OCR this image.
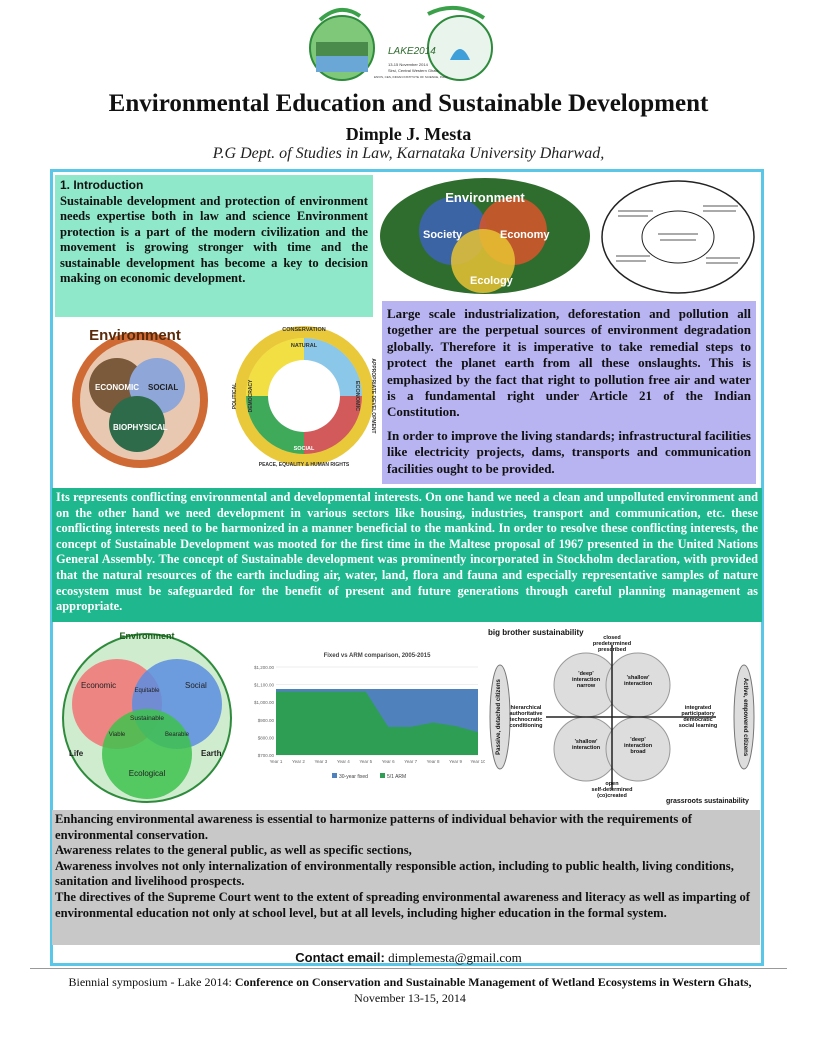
LAKE2014
13-15 November 2014
Sirsi, Central Western Ghats
ENVIS, CES, INDIAN INSTITUTE OF SCIENCE, INDIA
Environmental Education and Sustainable Development
Dimple J. Mesta
P.G Dept. of Studies in Law, Karnataka University Dharwad,
1. Introduction
Sustainable development and protection of environment needs expertise both in law and science Environment protection is a part of the modern civilization and the movement is growing stronger with time and the sustainable development has become a key to decision making on economic development.
Environment
Society	Economy
Ecology
Environment
ECONOMIC SOCIAL
BIOPHYSICAL
CONSERVATION
NATURAL
PEACE, EQUALITY & HUMAN RIGHTS
SOCIAL
POLITICAL DEMOCRACY	APPROPRIATE DEVELOPMENT
ECONOMIC

Large scale industrialization, deforestation and pollution all together are the perpetual sources of environment degradation globally. Therefore it is imperative to take remedial steps to protect the planet earth from all these onslaughts. This is emphasized by the fact that right to pollution free air and water is a fundamental right under Article 21 of the Indian Constitution.

In order to improve the living standards; infrastructural facilities like electricity projects, dams, transports and communication facilities ought to be provided.

Its represents conflicting environmental and developmental interests. On one hand we need a clean and unpolluted environment and on the other hand we need development in various sectors like housing, industries, transport and communication, etc. these conflicting interests need to be harmonized in a manner beneficial to the mankind. In order to resolve these conflicting interests, the concept of Sustainable Development was mooted for the first time in the Maltese proposal of 1967 presented in the United Nations General Assembly. The concept of Sustainable development was prominently incorporated in Stockholm declaration, with provided that the natural resources of the earth including air, water, land, flora and fauna and especially representative samples of nature ecosystem must be safeguarded for the benefit of present and future generations through careful planning management as appropriate.
Environment
Economic	Social
Ecological
Equitable
Viable	Bearable
Sustainable
Life	Earth
Fixed vs ARM comparison, 2005-2015
$1,200.00
$1,100.00
$1,000.00
$900.00
$800.00
$700.00
Year 1 Year 2 Year 3 Year 4 Year 5 Year 6 Year 7 Year 8 Year 9 Year 10
30-year fixed	5/1 ARM
big brother sustainability
Passive, detached citizens	Active, empowered citizens
grassroots sustainability
closed predetermined prescribed
open self-determined (co)created
hierarchical authoritative technocratic conditioning
integrated participatory democratic social learning
'deep' interaction narrow
'shallow' interaction
'shallow' interaction
'deep' interaction broad
Enhancing environmental awareness is essential to harmonize patterns of individual behavior with the requirements of environmental conservation.
Awareness relates to the general public, as well as specific sections,
Awareness involves not only internalization of environmentally responsible action, including to public health, living conditions, sanitation and livelihood prospects.
The directives of the Supreme Court went to the extent of spreading environmental awareness and literacy as well as imparting of environmental education not only at school level, but at all levels, including higher education in the formal system.
Contact email: dimplemesta@gmail.com
Biennial symposium - Lake 2014: Conference on Conservation and Sustainable Management of Wetland Ecosystems in Western Ghats, November 13-15, 2014
